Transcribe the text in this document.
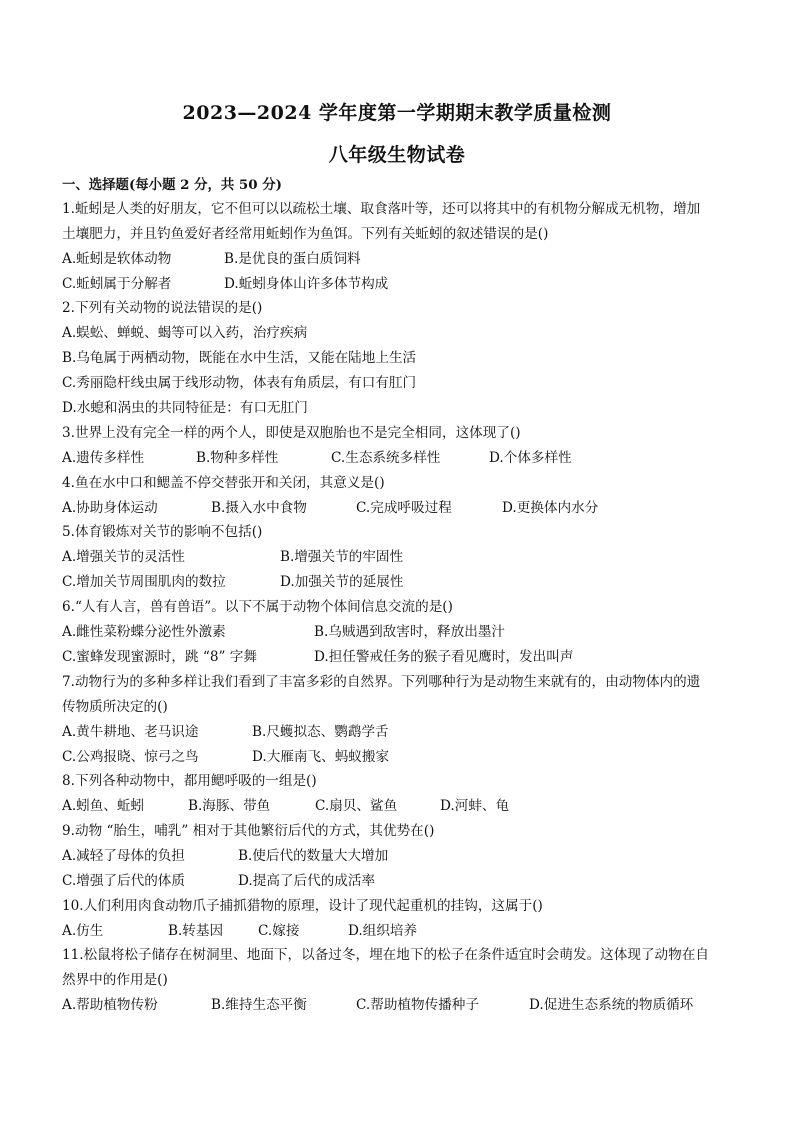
2023—2024 学年度第一学期期末教学质量检测
八年级生物试卷
一、选择题(每小题 2 分，共 50 分)
1.蚯蚓是人类的好朋友，它不但可以以疏松土壤、取食落叶等，还可以将其中的有机物分解成无机物，增加
土壤肥力，并且钓鱼爱好者经常用蚯蚓作为鱼饵。下列有关蚯蚓的叙述错误的是()
A.蚯蚓是软体动物	B.是优良的蛋白质饲料
C.蚯蚓属于分解者	D.蚯蚓身体山许多体节构成
2.下列有关动物的说法错误的是()
A.蜈蚣、蝉蜕、蝎等可以入药，治疗疾病
B.乌龟属于两栖动物，既能在水中生活，又能在陆地上生活
C.秀丽隐杆线虫属于线形动物，体表有角质层，有口有肛门
D.水螅和涡虫的共同特征是：有口无肛门
3.世界上没有完全一样的两个人，即使是双胞胎也不是完全相同，这体现了()
A.遗传多样性	B.物种多样性	C.生态系统多样性	D.个体多样性
4.鱼在水中口和鳃盖不停交替张开和关闭，其意义是()
A.协助身体运动	B.摄入水中食物	C.完成呼吸过程	D.更换体内水分
5.体育锻炼对关节的影响不包括()
A.增强关节的灵活性	B.增强关节的牢固性
C.增加关节周围肌肉的数拉	D.加强关节的延展性
6.“人有人言，兽有兽语”。以下不属于动物个体间信息交流的是()
A.雌性菜粉蝶分泌性外激素	B.乌贼遇到敌害时，释放出墨汁
C.蜜蜂发现蜜源时，跳 “8” 字舞	D.担任警戒任务的猴子看见鹰时，发出叫声
7.动物行为的多种多样让我们看到了丰富多彩的自然界。下列哪种行为是动物生来就有的，由动物体内的遗
传物质所决定的()
A.黄牛耕地、老马识途	B.尺蠖拟态、鹦鹉学舌
C.公鸡报晓、惊弓之鸟	D.大雁南飞、蚂蚁搬家
8.下列各种动物中，都用鳃呼吸的一组是()
A.蚓鱼、蚯蚓	B.海豚、带鱼	C.扇贝、鲨鱼	D.河蚌、龟
9.动物 “胎生，哺乳” 相对于其他繁衍后代的方式，其优势在()
A.减轻了母体的负担	B.使后代的数量大大增加
C.增强了后代的体质	D.提高了后代的成活率
10.人们利用肉食动物爪子捕抓猎物的原理，设计了现代起重机的挂钩，这属于()
A.仿生	B.转基因	C.嫁接	D.组织培养
11.松鼠将松子储存在树洞里、地面下，以备过冬，埋在地下的松子在条件适宜时会萌发。这体现了动物在自
然界中的作用是()
A.帮助植物传粉	B.维持生态平衡	C.帮助植物传播种子	D.促进生态系统的物质循环
